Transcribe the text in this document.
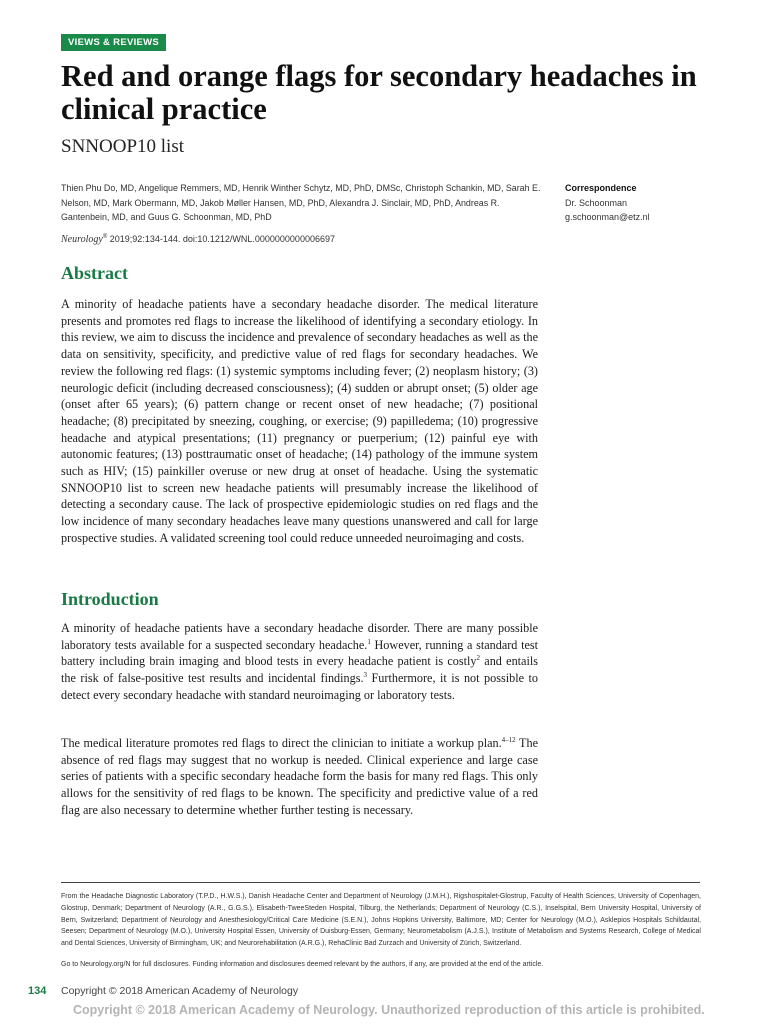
VIEWS & REVIEWS
Red and orange flags for secondary headaches in clinical practice
SNNOOP10 list
Thien Phu Do, MD, Angelique Remmers, MD, Henrik Winther Schytz, MD, PhD, DMSc, Christoph Schankin, MD, Sarah E. Nelson, MD, Mark Obermann, MD, Jakob Møller Hansen, MD, PhD, Alexandra J. Sinclair, MD, PhD, Andreas R. Gantenbein, MD, and Guus G. Schoonman, MD, PhD
Correspondence
Dr. Schoonman
g.schoonman@etz.nl
Neurology® 2019;92:134-144. doi:10.1212/WNL.0000000000006697
Abstract
A minority of headache patients have a secondary headache disorder. The medical literature presents and promotes red flags to increase the likelihood of identifying a secondary etiology. In this review, we aim to discuss the incidence and prevalence of secondary headaches as well as the data on sensitivity, specificity, and predictive value of red flags for secondary headaches. We review the following red flags: (1) systemic symptoms including fever; (2) neoplasm history; (3) neurologic deficit (including decreased consciousness); (4) sudden or abrupt onset; (5) older age (onset after 65 years); (6) pattern change or recent onset of new headache; (7) positional headache; (8) precipitated by sneezing, coughing, or exercise; (9) papilledema; (10) progressive headache and atypical presentations; (11) pregnancy or puerperium; (12) painful eye with autonomic features; (13) posttraumatic onset of headache; (14) pathology of the immune system such as HIV; (15) painkiller overuse or new drug at onset of headache. Using the systematic SNNOOP10 list to screen new headache patients will presumably increase the likelihood of detecting a secondary cause. The lack of prospective epidemiologic studies on red flags and the low incidence of many secondary headaches leave many questions unanswered and call for large prospective studies. A validated screening tool could reduce unneeded neuroimaging and costs.
Introduction
A minority of headache patients have a secondary headache disorder. There are many possible laboratory tests available for a suspected secondary headache.$^1$ However, running a standard test battery including brain imaging and blood tests in every headache patient is costly$^2$ and entails the risk of false-positive test results and incidental findings.$^3$ Furthermore, it is not possible to detect every secondary headache with standard neuroimaging or laboratory tests.
The medical literature promotes red flags to direct the clinician to initiate a workup plan.$^{4-12}$ The absence of red flags may suggest that no workup is needed. Clinical experience and large case series of patients with a specific secondary headache form the basis for many red flags. This only allows for the sensitivity of red flags to be known. The specificity and predictive value of a red flag are also necessary to determine whether further testing is necessary.
From the Headache Diagnostic Laboratory (T.P.D., H.W.S.), Danish Headache Center and Department of Neurology (J.M.H.), Rigshospitalet-Glostrup, Faculty of Health Sciences, University of Copenhagen, Glostrup, Denmark; Department of Neurology (A.R., G.G.S.), Elisabeth-TweeSteden Hospital, Tilburg, the Netherlands; Department of Neurology (C.S.), Inselspital, Bern University Hospital, University of Bern, Switzerland; Department of Neurology and Anesthesiology/Critical Care Medicine (S.E.N.), Johns Hopkins University, Baltimore, MD; Center for Neurology (M.O.), Asklepios Hospitals Schildautal, Seesen; Department of Neurology (M.O.), University Hospital Essen, University of Duisburg-Essen, Germany; Neurometabolism (A.J.S.), Institute of Metabolism and Systems Research, College of Medical and Dental Sciences, University of Birmingham, UK; and Neurorehabilitation (A.R.G.), RehaClinic Bad Zurzach and University of Zürich, Switzerland.
Go to Neurology.org/N for full disclosures. Funding information and disclosures deemed relevant by the authors, if any, are provided at the end of the article.
134 Copyright © 2018 American Academy of Neurology
Copyright © 2018 American Academy of Neurology. Unauthorized reproduction of this article is prohibited.
